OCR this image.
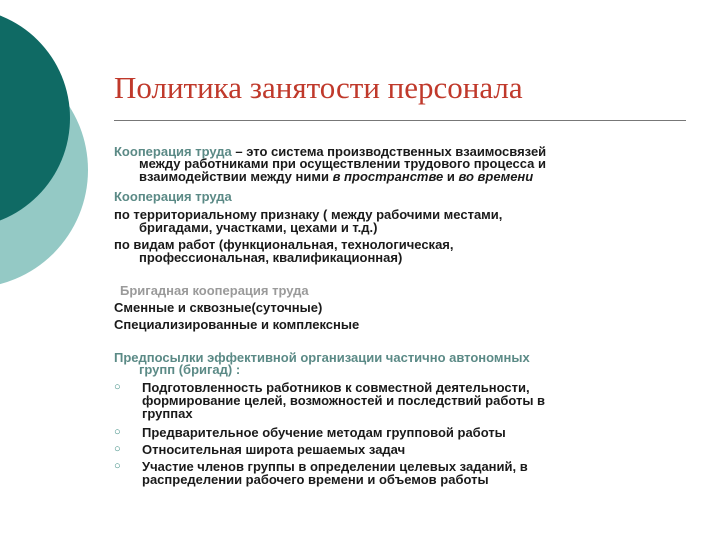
Политика занятости персонала
Кооперация труда – это система производственных взаимосвязей
между работниками при осуществлении трудового процесса и
взаимодействии между ними в пространстве и во времени
Кооперация труда
по территориальному признаку ( между рабочими местами,
бригадами, участками, цехами и т.д.)
по видам работ (функциональная, технологическая,
профессиональная, квалификационная)
Бригадная кооперация труда
Сменные и сквозные(суточные)
Специализированные и комплексные
Предпосылки эффективной организации частично автономных
групп (бригад) :
○ Подготовленность работников к совместной деятельности,
формирование целей, возможностей и последствий работы в
группах
○ Предварительное обучение методам групповой работы
○ Относительная широта решаемых задач
○ Участие членов группы в определении целевых заданий, в
распределении рабочего времени и объемов работы
